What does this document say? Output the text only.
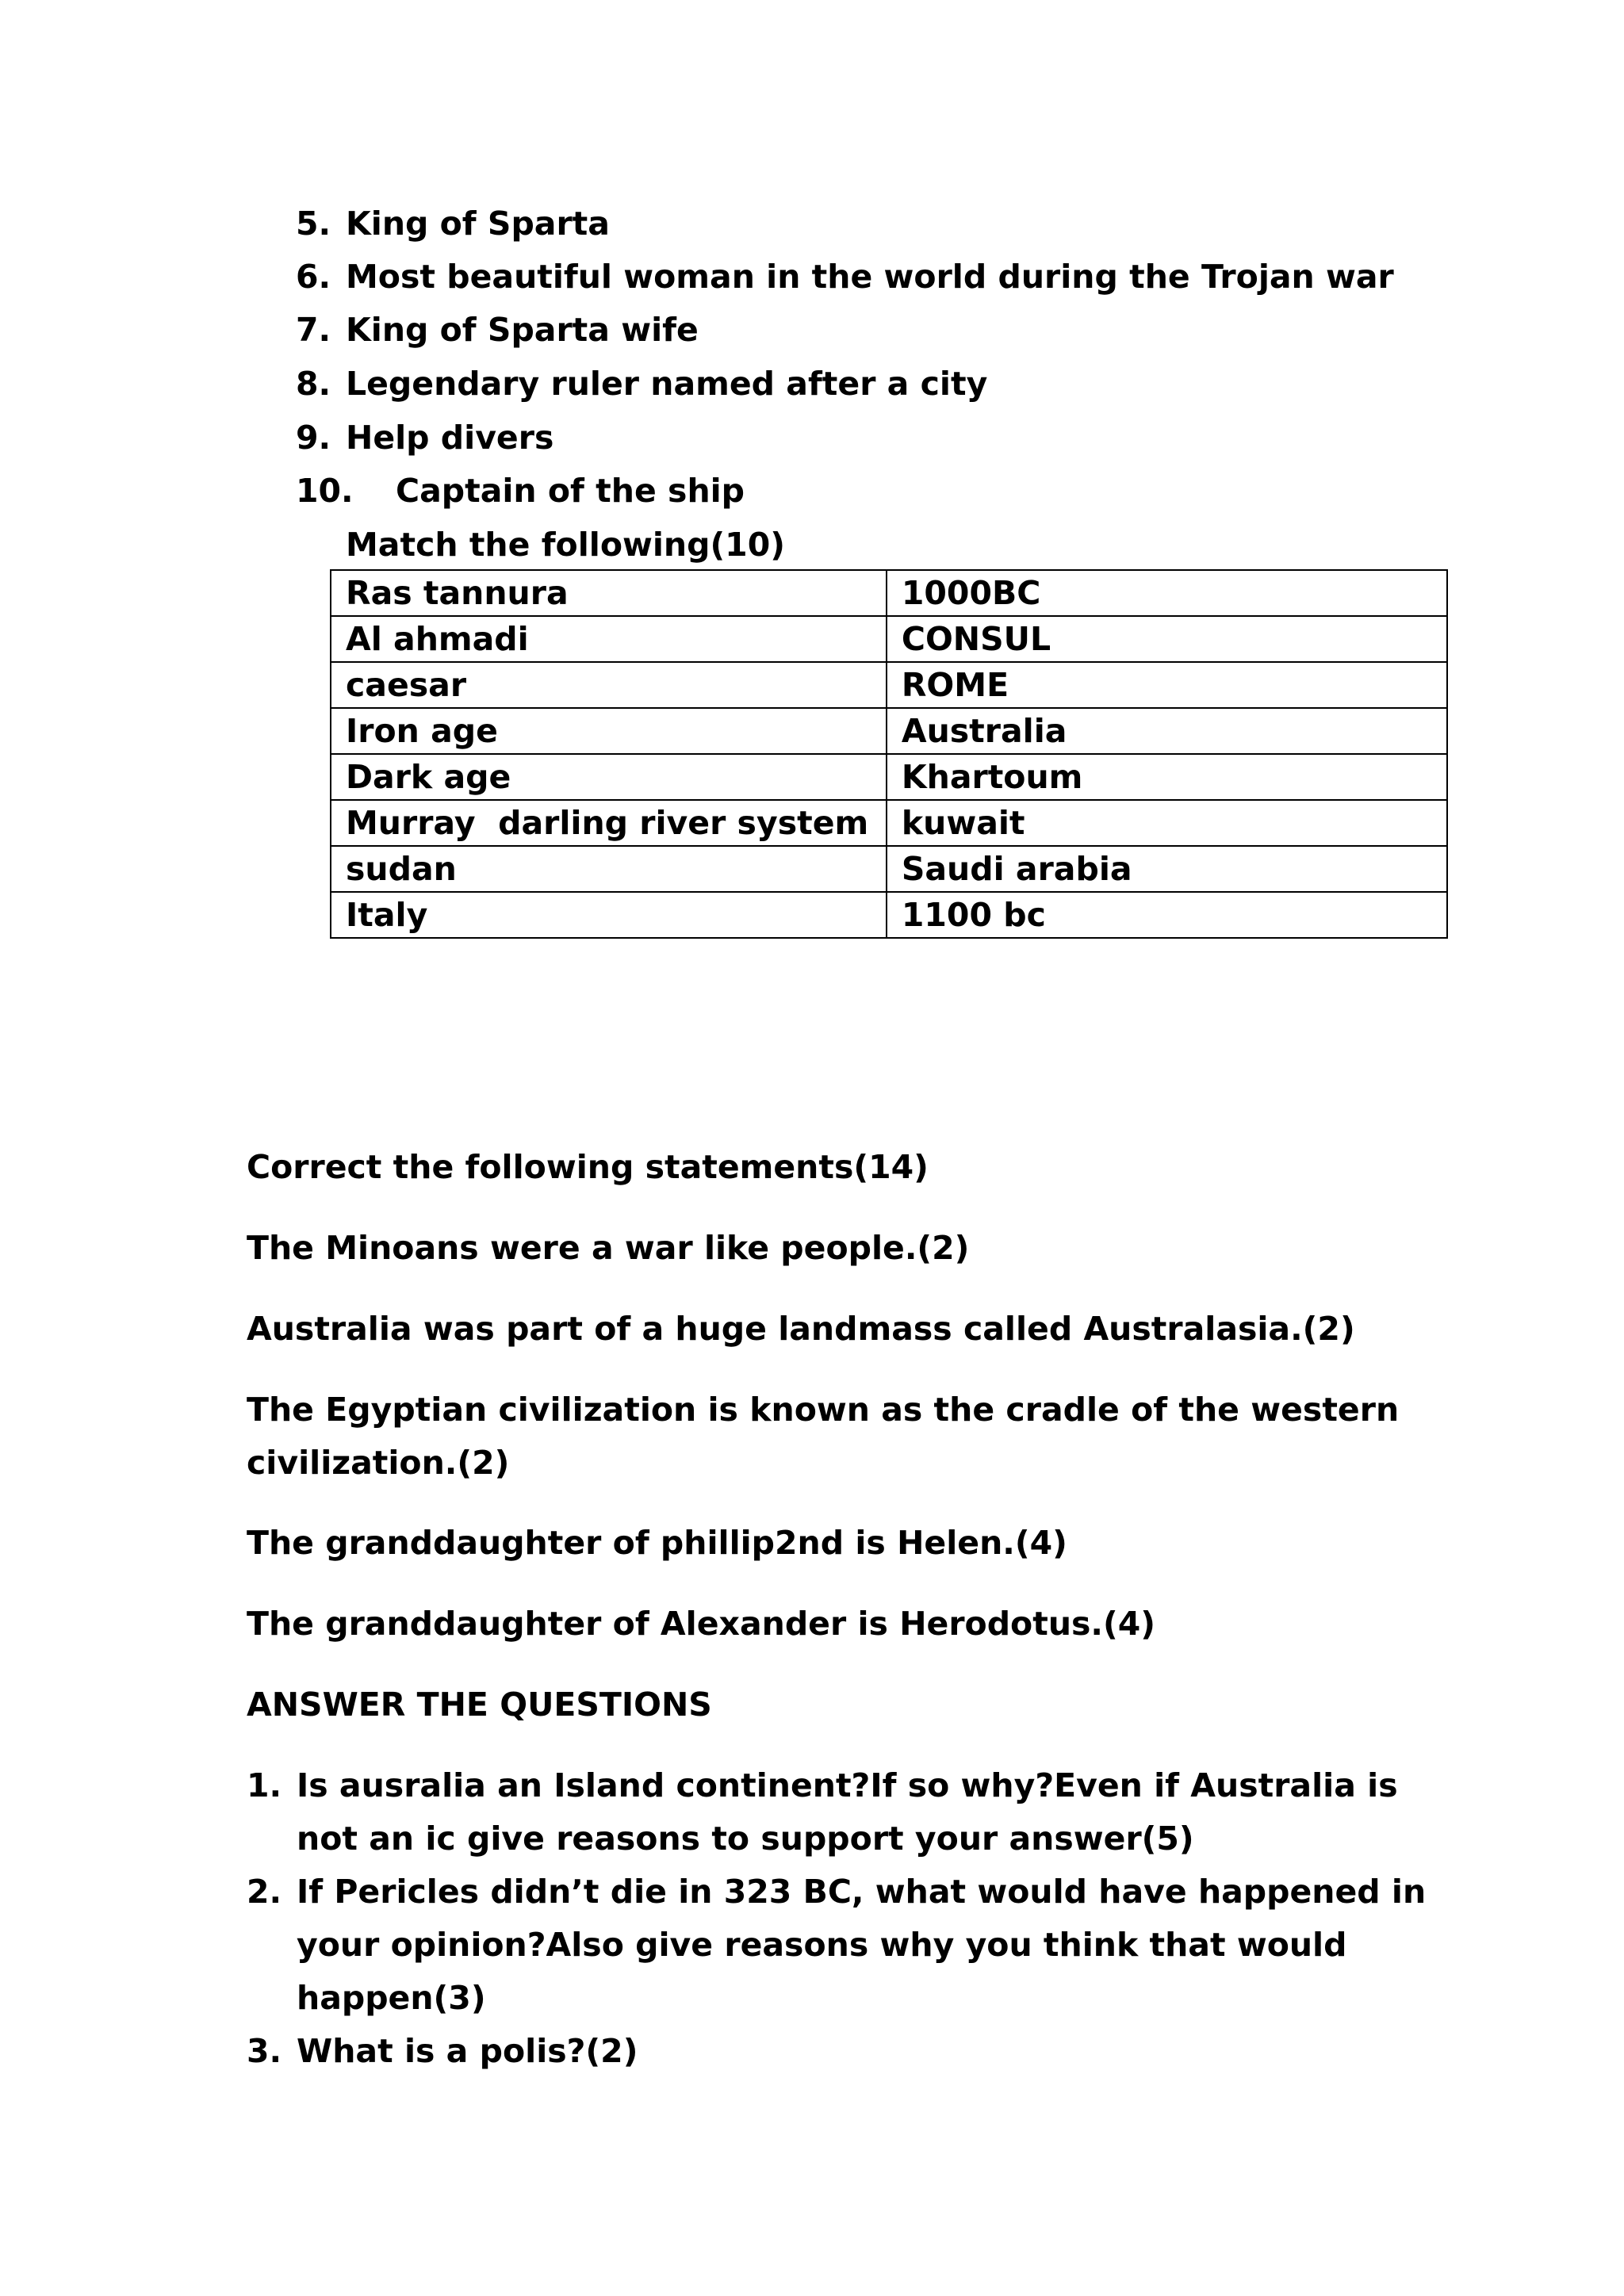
5. King of Sparta
6. Most beautiful woman in the world during the Trojan war
7. King of Sparta wife
8. Legendary ruler named after a city
9. Help divers
10. Captain of the ship
Match the following(10)
Ras tannura	1000BC
Al ahmadi	CONSUL
caesar	ROME
Iron age	Australia
Dark age	Khartoum
Murray  darling river system	kuwait
sudan	Saudi arabia
Italy	1100 bc
Correct the following statements(14)
The Minoans were a war like people.(2)
Australia was part of a huge landmass called Australasia.(2)
The Egyptian civilization is known as the cradle of the western
civilization.(2)
The granddaughter of phillip2nd is Helen.(4)
The granddaughter of Alexander is Herodotus.(4)
ANSWER THE QUESTIONS
1. Is ausralia an Island continent?If so why?Even if Australia is
not an ic give reasons to support your answer(5)
2. If Pericles didn’t die in 323 BC, what would have happened in
your opinion?Also give reasons why you think that would
happen(3)
3. What is a polis?(2)
